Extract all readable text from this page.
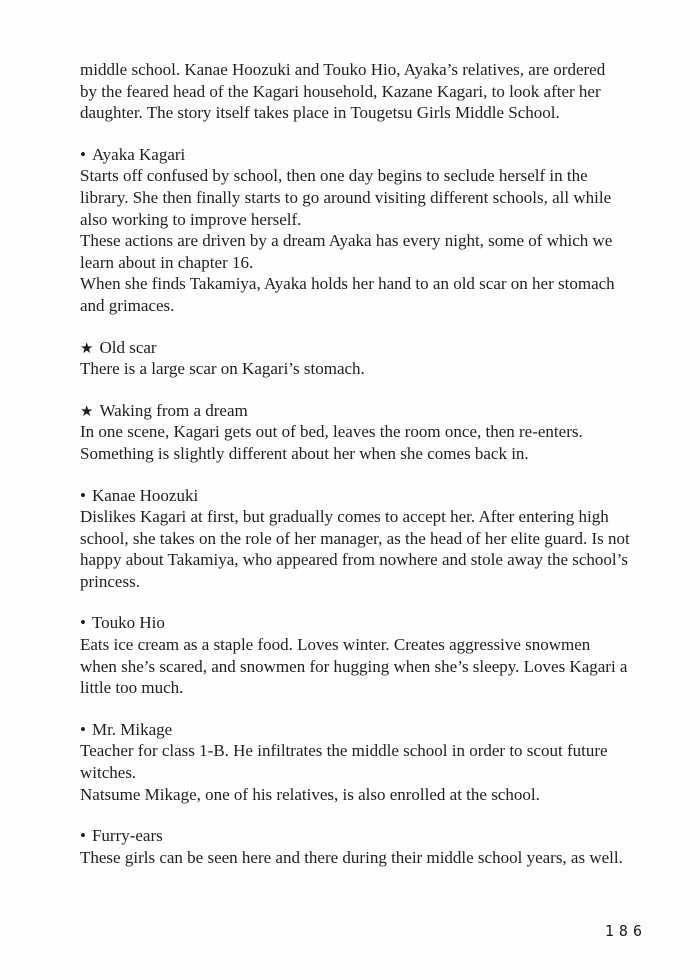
middle school. Kanae Hoozuki and Touko Hio, Ayaka’s relatives, are ordered
by the feared head of the Kagari household, Kazane Kagari, to look after her
daughter. The story itself takes place in Tougetsu Girls Middle School.
• Ayaka Kagari
Starts off confused by school, then one day begins to seclude herself in the
library. She then finally starts to go around visiting different schools, all while
also working to improve herself.
These actions are driven by a dream Ayaka has every night, some of which we
learn about in chapter 16.
When she finds Takamiya, Ayaka holds her hand to an old scar on her stomach
and grimaces.
★ Old scar
There is a large scar on Kagari’s stomach.
★ Waking from a dream
In one scene, Kagari gets out of bed, leaves the room once, then re-enters.
Something is slightly different about her when she comes back in.
• Kanae Hoozuki
Dislikes Kagari at first, but gradually comes to accept her. After entering high
school, she takes on the role of her manager, as the head of her elite guard. Is not
happy about Takamiya, who appeared from nowhere and stole away the school’s
princess.
• Touko Hio
Eats ice cream as a staple food. Loves winter. Creates aggressive snowmen
when she’s scared, and snowmen for hugging when she’s sleepy. Loves Kagari a
little too much.
• Mr. Mikage
Teacher for class 1-B. He infiltrates the middle school in order to scout future
witches.
Natsume Mikage, one of his relatives, is also enrolled at the school.
• Furry-ears
These girls can be seen here and there during their middle school years, as well.
186
